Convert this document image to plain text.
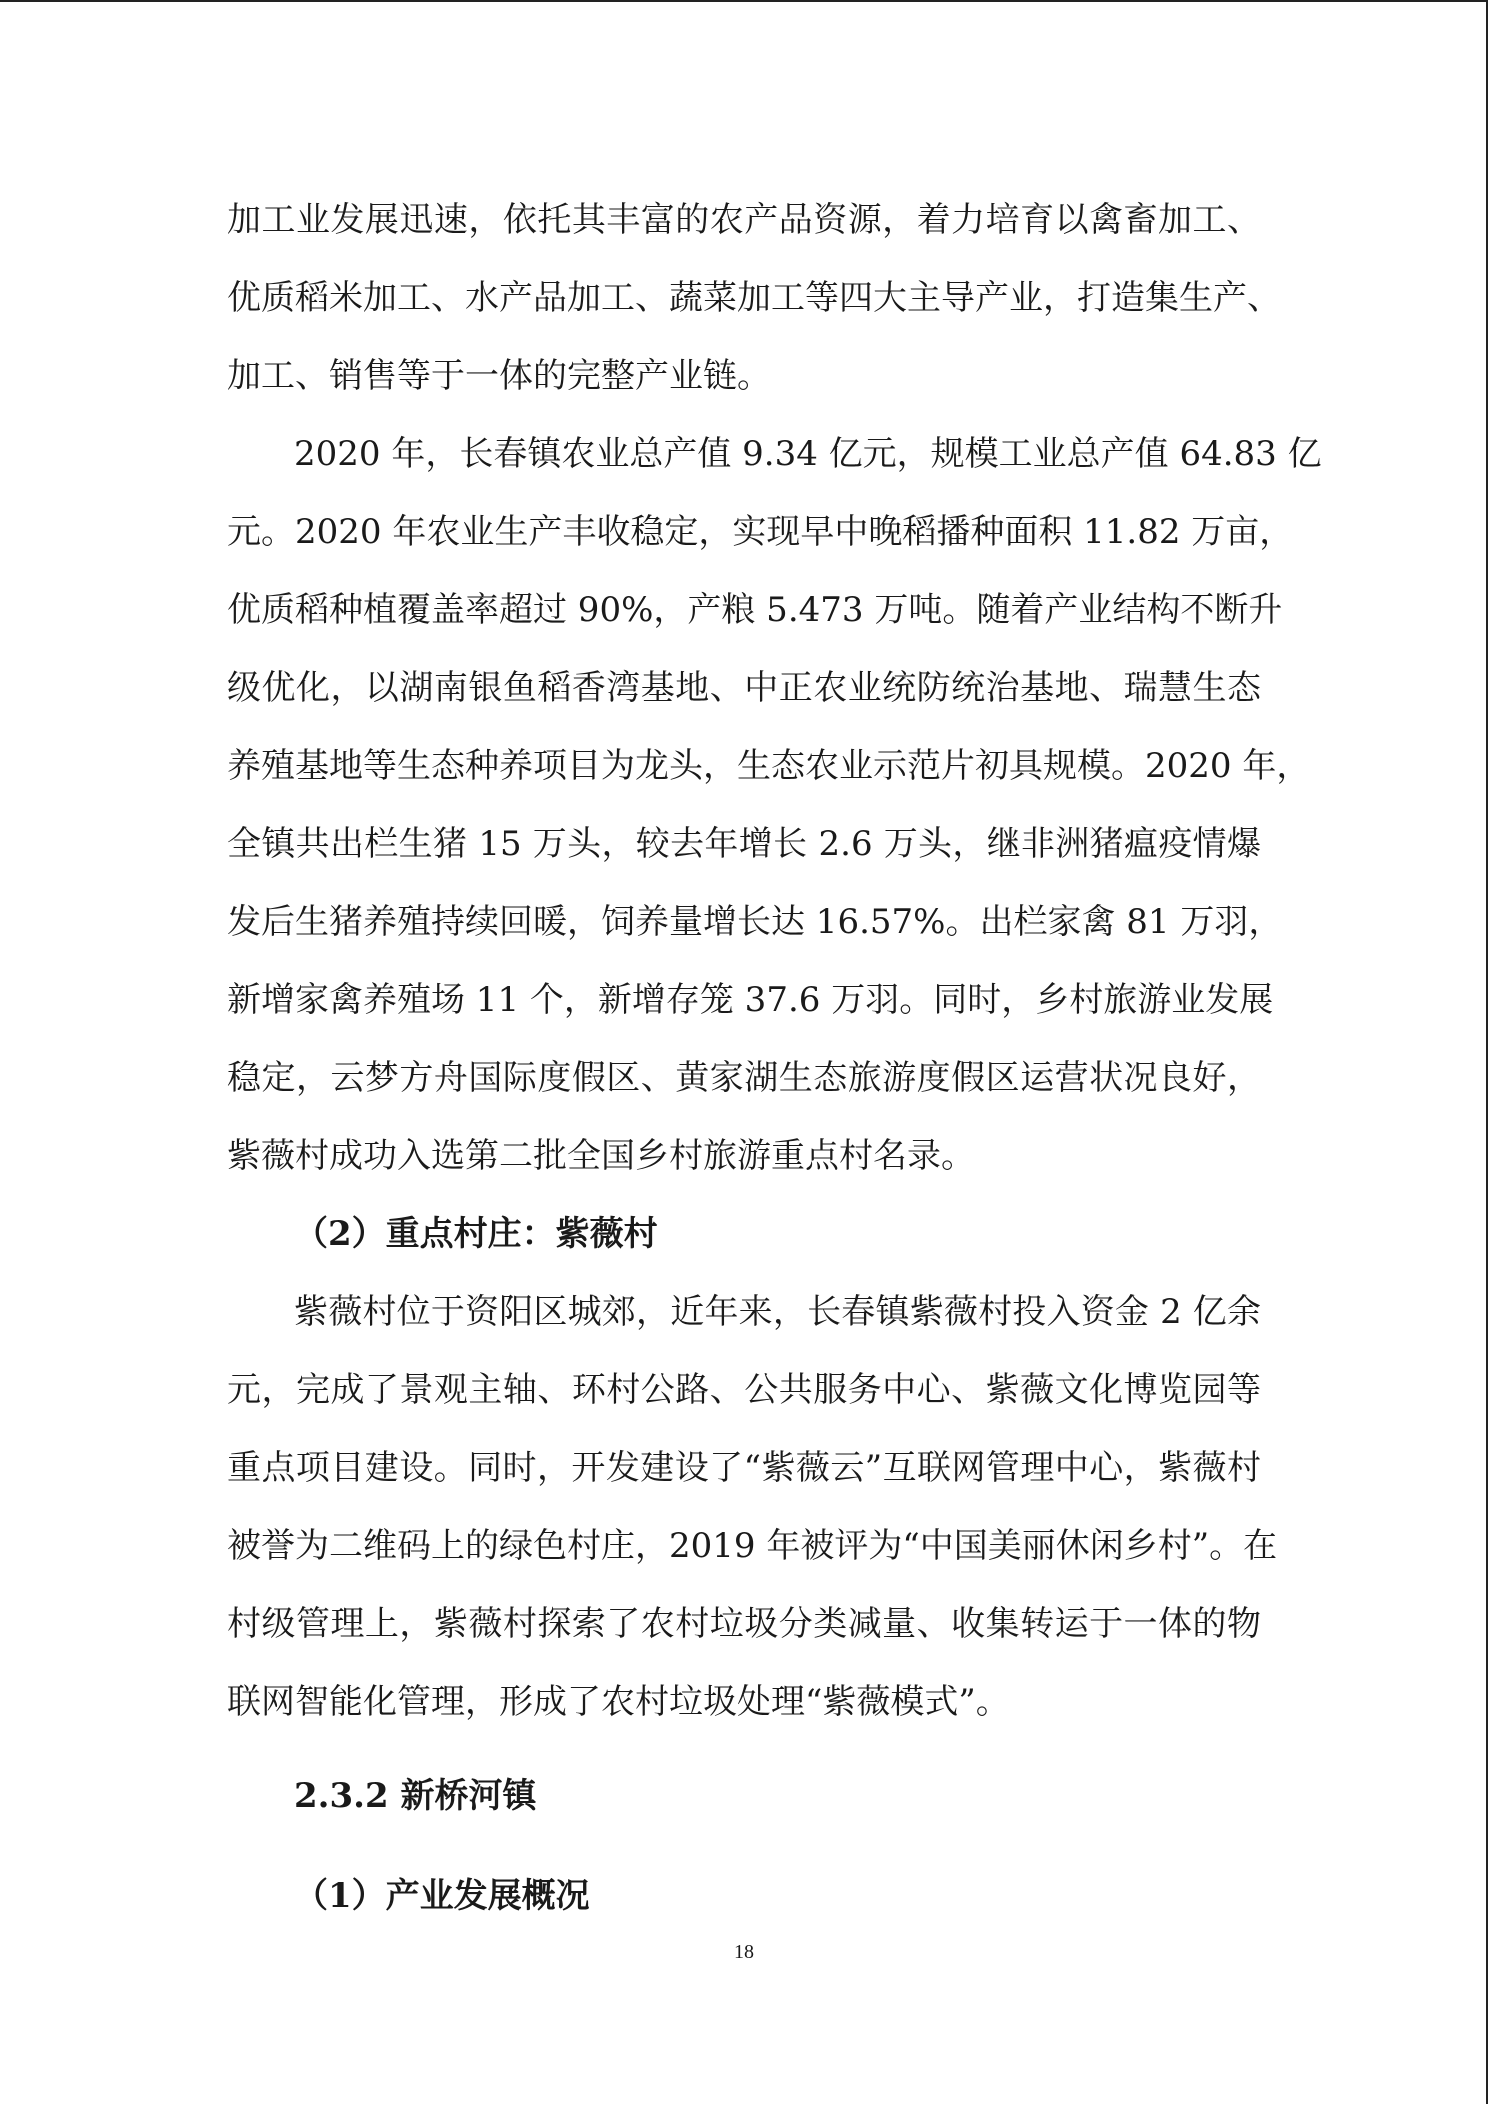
加工业发展迅速，依托其丰富的农产品资源，着力培育以禽畜加工、

优质稻米加工、水产品加工、蔬菜加工等四大主导产业，打造集生产、

加工、销售等于一体的完整产业链。

2020 年，长春镇农业总产值 9.34 亿元，规模工业总产值 64.83 亿

元。2020 年农业生产丰收稳定，实现早中晚稻播种面积 11.82 万亩，

优质稻种植覆盖率超过 90%，产粮 5.473 万吨。随着产业结构不断升

级优化，以湖南银鱼稻香湾基地、中正农业统防统治基地、瑞慧生态

养殖基地等生态种养项目为龙头，生态农业示范片初具规模。2020 年，

全镇共出栏生猪 15 万头，较去年增长 2.6 万头，继非洲猪瘟疫情爆

发后生猪养殖持续回暖，饲养量增长达 16.57%。出栏家禽 81 万羽，

新增家禽养殖场 11 个，新增存笼 37.6 万羽。同时，乡村旅游业发展

稳定，云梦方舟国际度假区、黄家湖生态旅游度假区运营状况良好，

紫薇村成功入选第二批全国乡村旅游重点村名录。

（2）重点村庄：紫薇村

紫薇村位于资阳区城郊，近年来，长春镇紫薇村投入资金 2 亿余

元，完成了景观主轴、环村公路、公共服务中心、紫薇文化博览园等

重点项目建设。同时，开发建设了“紫薇云”互联网管理中心，紫薇村

被誉为二维码上的绿色村庄，2019 年被评为“中国美丽休闲乡村”。在

村级管理上，紫薇村探索了农村垃圾分类减量、收集转运于一体的物

联网智能化管理，形成了农村垃圾处理“紫薇模式”。

2.3.2 新桥河镇
（1）产业发展概况
18
